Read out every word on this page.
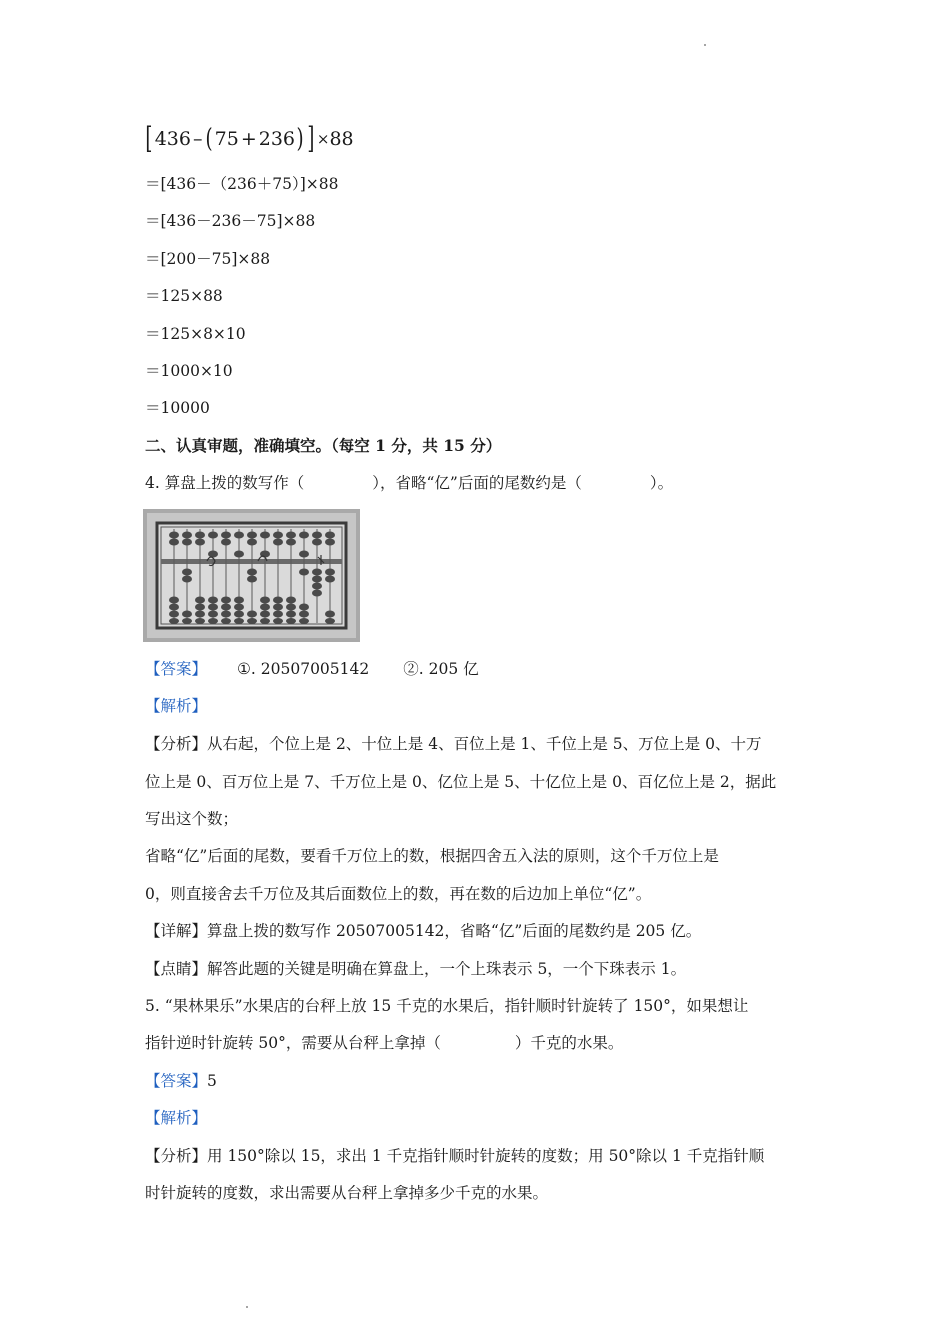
[ 436 – ( 75 + 236 ) ] × 88
＝[436－（236＋75）]×88
＝[436－236－75]×88
＝[200－75]×88
＝125×88
＝125×8×10
＝1000×10
＝10000
二、认真审题，准确填空。（每空 1 分，共 15 分）
4. 算盘上拨的数写作（	），省略“亿”后面的尾数约是（	）。
【答案】 ①. 20507005142 ②. 205 亿
【解析】
【分析】从右起，个位上是 2、十位上是 4、百位上是 1、千位上是 5、万位上是 0、十万
位上是 0、百万位上是 7、千万位上是 0、亿位上是 5、十亿位上是 0、百亿位上是 2，据此
写出这个数；
省略“亿”后面的尾数，要看千万位上的数，根据四舍五入法的原则，这个千万位上是
0，则直接舍去千万位及其后面数位上的数，再在数的后边加上单位“亿”。
【详解】算盘上拨的数写作 20507005142，省略“亿”后面的尾数约是 205 亿。
【点睛】解答此题的关键是明确在算盘上，一个上珠表示 5，一个下珠表示 1。
5. “果林果乐”水果店的台秤上放 15 千克的水果后，指针顺时针旋转了 150°，如果想让
指针逆时针旋转 50°，需要从台秤上拿掉（	）千克的水果。
【答案】5
【解析】
【分析】用 150°除以 15，求出 1 千克指针顺时针旋转的度数；用 50°除以 1 千克指针顺
时针旋转的度数，求出需要从台秤上拿掉多少千克的水果。
